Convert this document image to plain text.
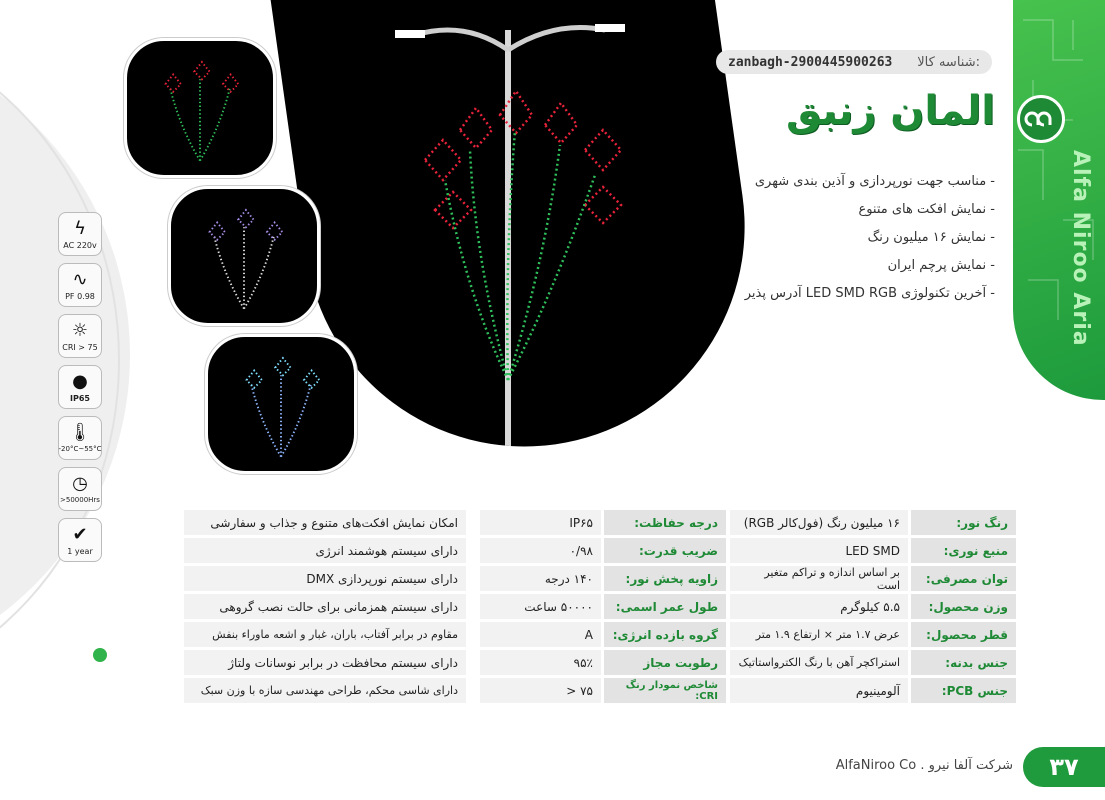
Alfa Niroo Aria
zanbagh-2900445900263 شناسه کالا:
المان زنبق
- مناسب جهت نورپردازی و آذین بندی شهری
- نمایش افکت های متنوع
- نمایش ۱۶ میلیون رنگ
- نمایش پرچم ایران
- آخرین تکنولوژی LED SMD RGB آدرس پذیر
ϟ
AC 220v
∿
PF 0.98
☼
CRI > 75
●
IP65
🌡
-20°C~55°C
◷
>50000Hrs
✔
1 year
رنگ نور:
۱۶ میلیون رنگ (فول‌کالر RGB)
درجه حفاظت:
IP۶۵
امکان نمایش افکت‌های متنوع و جذاب و سفارشی
منبع نوری:
LED SMD
ضریب قدرت:
۰/۹۸
دارای سیستم هوشمند انرژی
توان مصرفی:
بر اساس اندازه و تراکم متغیر است
زاویه پخش نور:
۱۴۰ درجه
دارای سیستم نورپردازی DMX
وزن محصول:
۵.۵ کیلوگرم
طول عمر اسمی:
۵۰۰۰۰ ساعت
دارای سیستم همزمانی برای حالت نصب گروهی
قطر محصول:
عرض ۱.۷ متر × ارتفاع ۱.۹ متر
گروه بازده انرژی:
A
مقاوم در برابر آفتاب، باران، غبار و اشعه ماوراء بنفش
جنس بدنه:
استراکچر آهن با رنگ الکترواستاتیک
رطوبت مجاز
۹۵٪
دارای سیستم محافظت در برابر نوسانات ولتاژ
جنس PCB:
آلومینیوم
شاخص نمودار رنگ CRI:
۷۵ <
دارای شاسی محکم، طراحی مهندسی سازه با وزن سبک
شرکت آلفا نیرو . AlfaNiroo Co	۳۷
